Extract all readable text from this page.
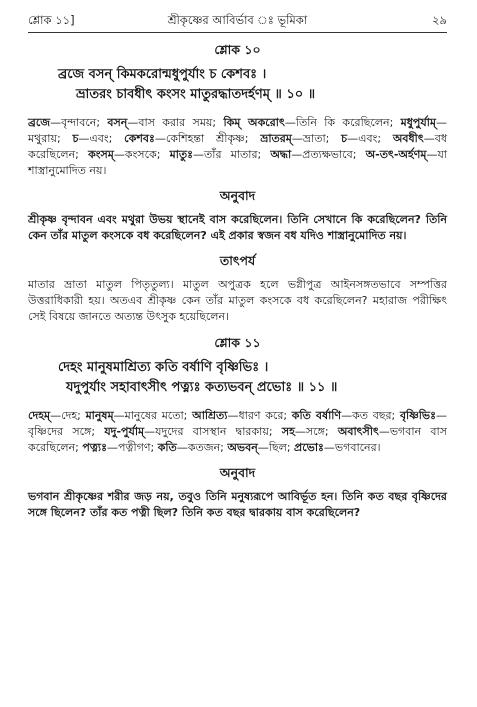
শ্লোক ১১]	শ্রীকৃষ্ণের আবির্ভাব ঃ ভূমিকা	২৯
শ্লোক ১০
ব্রজে বসন্ কিমকরোন্মধুপুর্যাং চ কেশবঃ ।
ভ্রাতরং চাবধীৎ কংসং মাতুরদ্ধাতদর্হণম্ ॥ ১০ ॥

ব্রজে—বৃন্দাবনে; বসন্—বাস করার সময়; কিম্ অকরোৎ—তিনি কি করেছিলেন; মধুপুর্যাম্—মথুরায়; চ—এবং; কেশবঃ—কেশিহন্তা শ্রীকৃষ্ণ; ভ্রাতরম্—ভ্রাতা; চ—এবং; অবধীৎ—বধ করেছিলেন; কংসম্—কংসকে; মাতুঃ—তাঁর মাতার; অদ্ধা—প্রত্যক্ষভাবে; অ-তৎ-অর্হণম্—যা শাস্ত্রানুমোদিত নয়।

অনুবাদ

শ্রীকৃষ্ণ বৃন্দাবন এবং মথুরা উভয় স্থানেই বাস করেছিলেন। তিনি সেখানে কি করেছিলেন? তিনি কেন তাঁর মাতুল কংসকে বধ করেছিলেন? এই প্রকার স্বজন বধ যদিও শাস্ত্রানুমোদিত নয়।

তাৎপর্য

মাতার ভ্রাতা মাতুল পিতৃতুল্য। মাতুল অপুত্রক হলে ভগ্নীপুত্র আইনসঙ্গতভাবে সম্পত্তির উত্তরাধিকারী হয়। অতএব শ্রীকৃষ্ণ কেন তাঁর মাতুল কংসকে বধ করেছিলেন? মহারাজ পরীক্ষিৎ সেই বিষয়ে জানতে অত্যন্ত উৎসুক হয়েছিলেন।

শ্লোক ১১
দেহং মানুষমাশ্রিত্য কতি বর্ষাণি বৃষ্ণিভিঃ ।
যদুপুর্যাং সহাবাৎসীৎ পত্ন্যঃ কত্যভবন্ প্রভোঃ ॥ ১১ ॥

দেহম্—দেহ; মানুষম্—মানুষের মতো; আশ্রিত্য—ধারণ করে; কতি বর্ষাণি—কত বছর; বৃষ্ণিভিঃ—বৃষ্ণিদের সঙ্গে; যদু-পুর্যাম্—যদুদের বাসস্থান দ্বারকায়; সহ—সঙ্গে; অবাৎসীৎ—ভগবান বাস করেছিলেন; পত্ন্যঃ—পত্নীগণ; কতি—কতজন; অভবন্—ছিল; প্রভোঃ—ভগবানের।

অনুবাদ

ভগবান শ্রীকৃষ্ণের শরীর জড় নয়, তবুও তিনি মনুষ্যরূপে আবির্ভূত হন। তিনি কত বছর বৃষ্ণিদের সঙ্গে ছিলেন? তাঁর কত পত্নী ছিল? তিনি কত বছর দ্বারকায় বাস করেছিলেন?
